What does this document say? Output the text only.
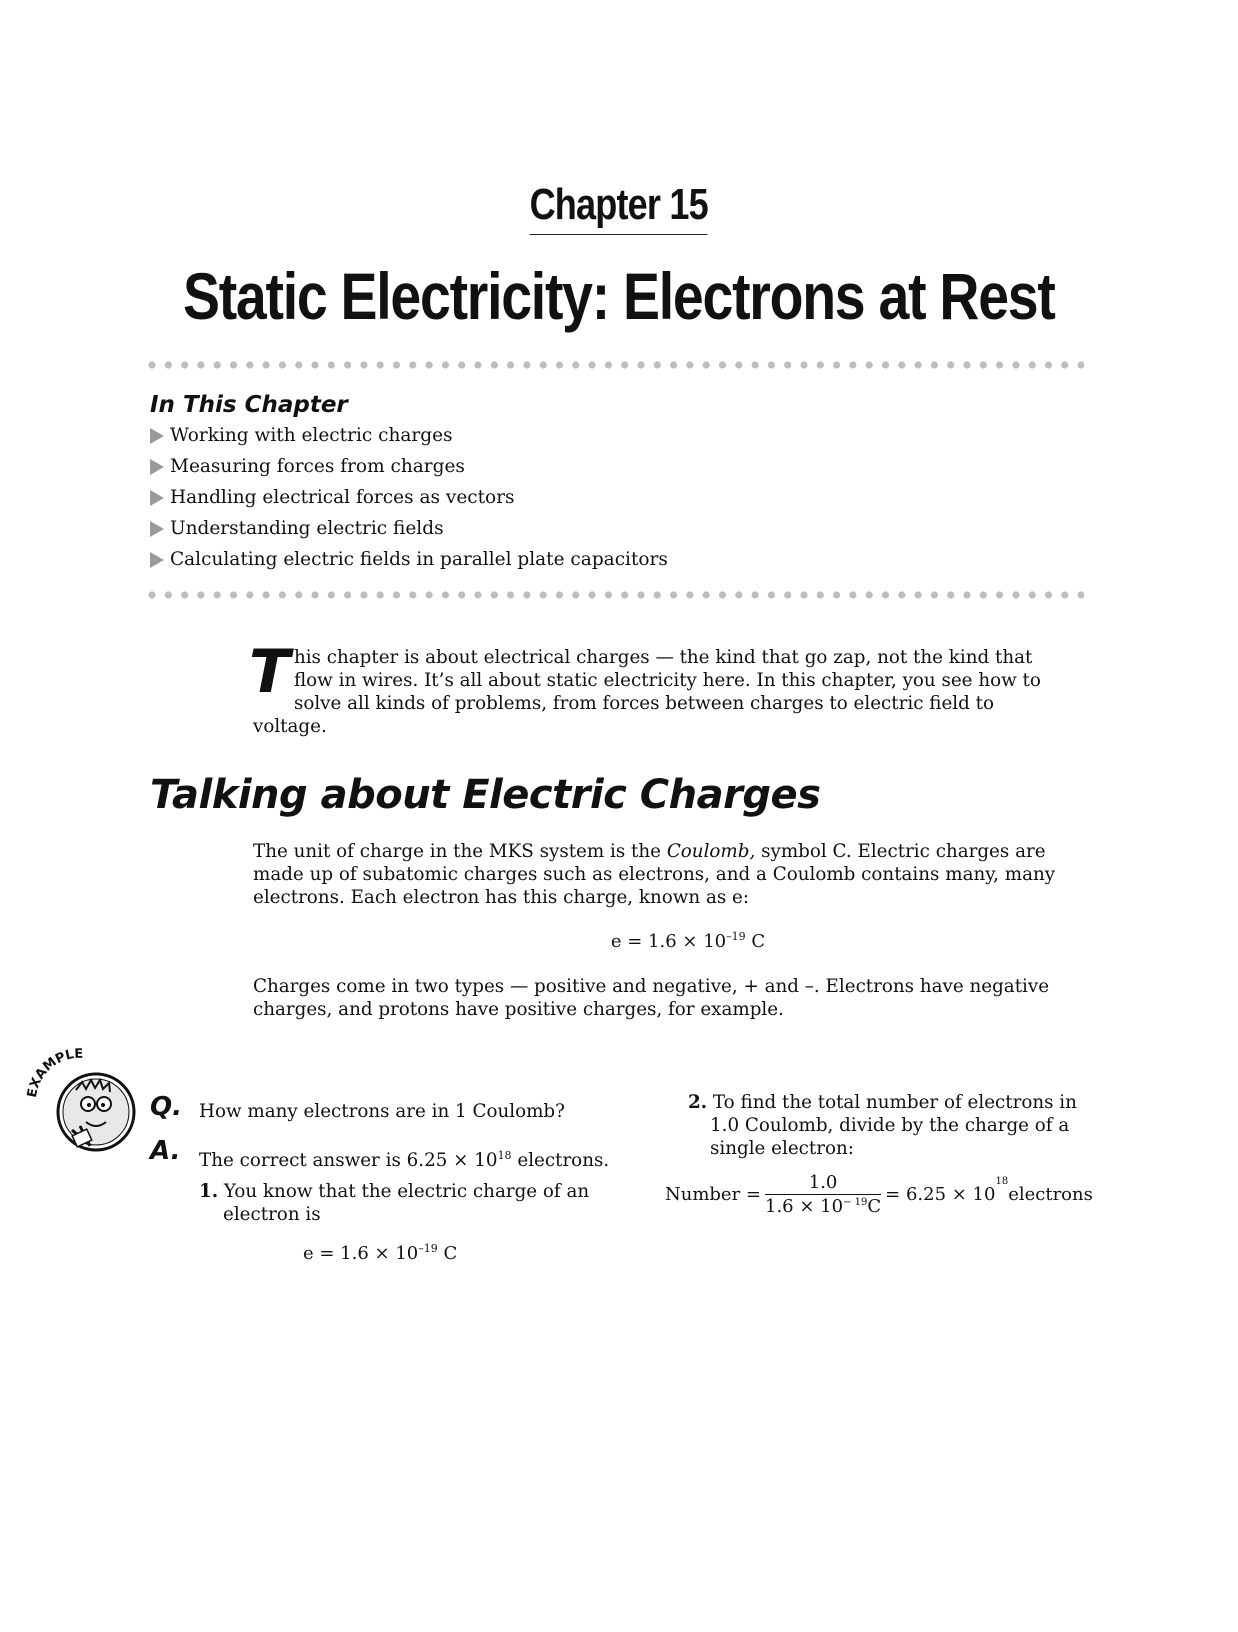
Chapter 15
Static Electricity: Electrons at Rest
In This Chapter
Working with electric charges
Measuring forces from charges
Handling electrical forces as vectors
Understanding electric fields
Calculating electric fields in parallel plate capacitors
This chapter is about electrical charges — the kind that go zap, not the kind that flow in wires. It’s all about static electricity here. In this chapter, you see how to solve all kinds of problems, from forces between charges to electric field to voltage.
Talking about Electric Charges
The unit of charge in the MKS system is the Coulomb, symbol C. Electric charges are made up of subatomic charges such as electrons, and a Coulomb contains many, many electrons. Each electron has this charge, known as e:
$e = 1.6 \times 10^{-19}$ C
Charges come in two types — positive and negative, + and –. Electrons have negative charges, and protons have positive charges, for example.
EXAMPLE
Q. How many electrons are in 1 Coulomb?
A. The correct answer is $6.25 \times 10^{18}$ electrons.
1. You know that the electric charge of an electron is
$e = 1.6 \times 10^{-19}$ C
2. To find the total number of electrons in 1.0 Coulomb, divide by the charge of a single electron:
Number = $\frac{1.0}{1.6 \times 10^{- 19}C} = 6.25 \times 10$
$^{18}$
electrons
